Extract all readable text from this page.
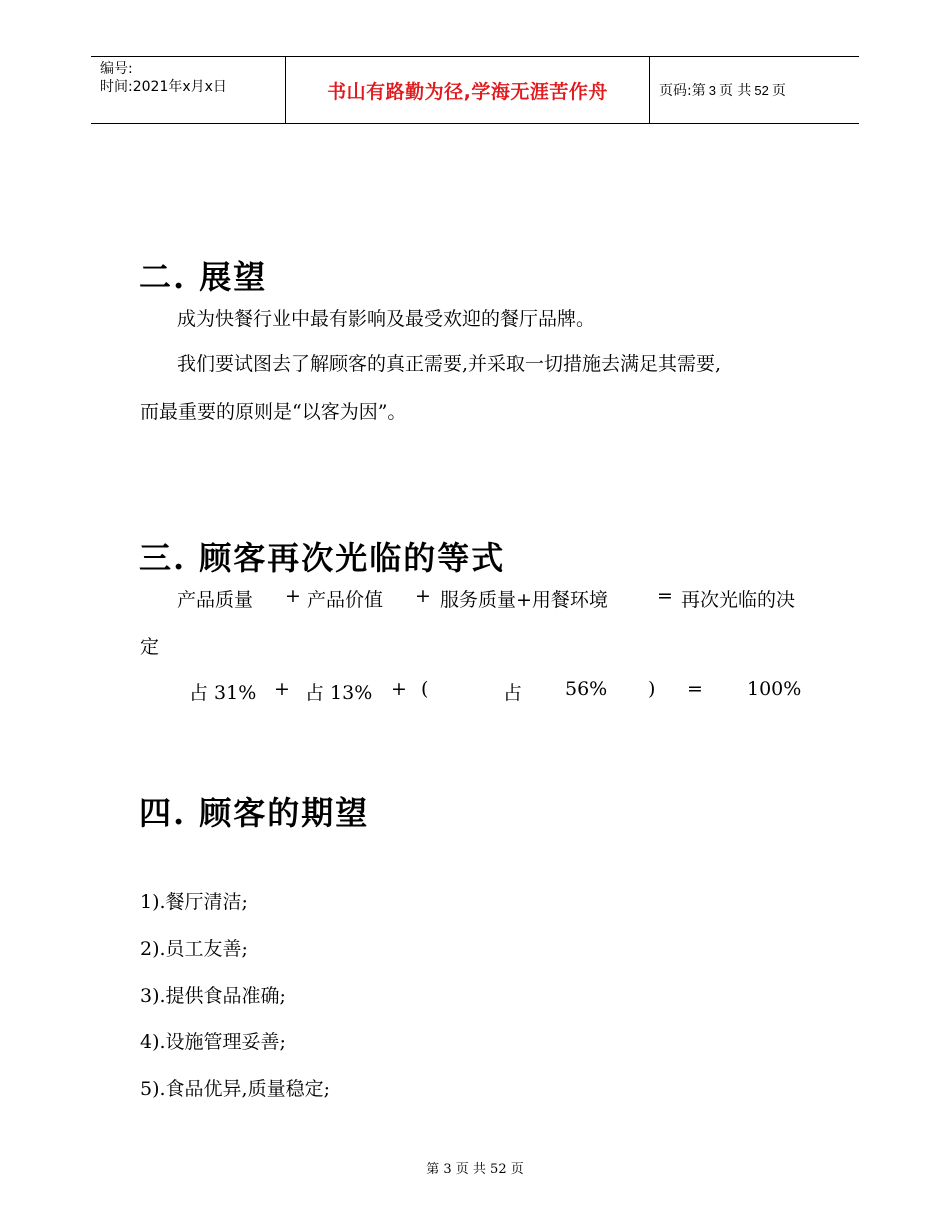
编号:
时间:2021年x月x日	书山有路勤为径,学海无涯苦作舟	页码:第 3 页 共 52 页
二. 展望

成为快餐行业中最有影响及最受欢迎的餐厅品牌。

我们要试图去了解顾客的真正需要,并采取一切措施去满足其需要,

而最重要的原则是“以客为因”。

三. 顾客再次光临的等式
产品质量 + 产品价值 + 服务质量+用餐环境	= 再次光临的决
定
占 31% + 占 13% + (	占 56% ) = 100%
四. 顾客的期望

1).餐厅清洁;

2).员工友善;

3).提供食品准确;

4).设施管理妥善;

5).食品优异,质量稳定;

第 3 页 共 52 页
